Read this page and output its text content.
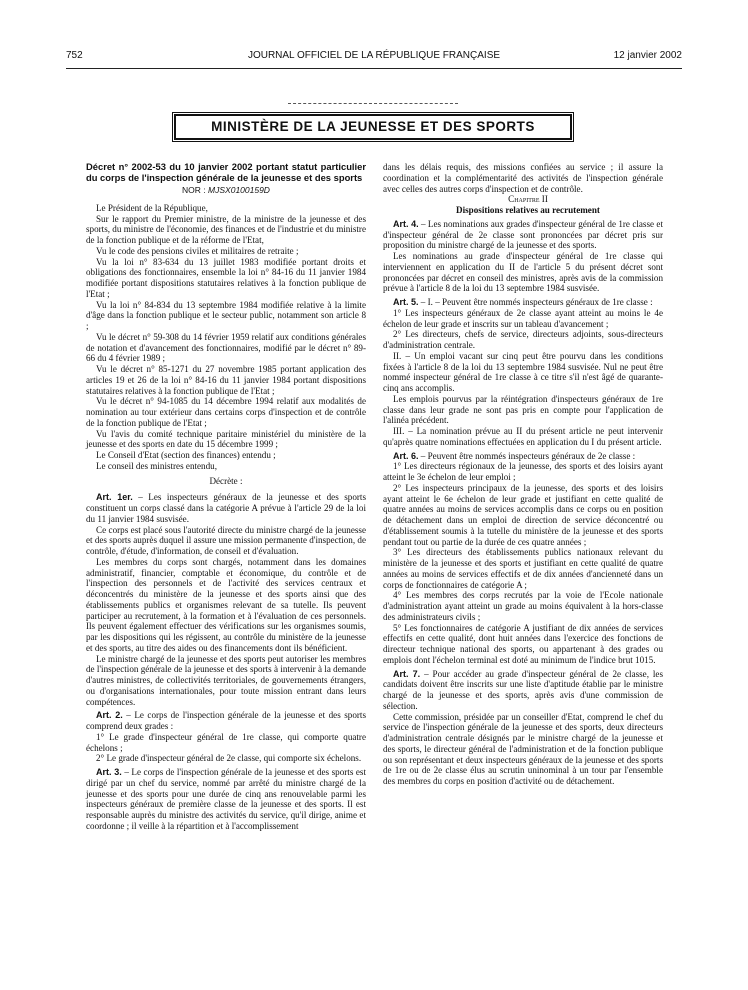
752	JOURNAL OFFICIEL DE LA RÉPUBLIQUE FRANÇAISE	12 janvier 2002
MINISTÈRE DE LA JEUNESSE ET DES SPORTS

Décret n° 2002-53 du 10 janvier 2002 portant statut particulier du corps de l'inspection générale de la jeunesse et des sports

NOR : MJSX0100159D

Le Président de la République,

Sur le rapport du Premier ministre, de la ministre de la jeunesse et des sports, du ministre de l'économie, des finances et de l'industrie et du ministre de la fonction publique et de la réforme de l'Etat,

Vu le code des pensions civiles et militaires de retraite ;

Vu la loi n° 83-634 du 13 juillet 1983 modifiée portant droits et obligations des fonctionnaires, ensemble la loi n° 84-16 du 11 janvier 1984 modifiée portant dispositions statutaires relatives à la fonction publique de l'Etat ;

Vu la loi n° 84-834 du 13 septembre 1984 modifiée relative à la limite d'âge dans la fonction publique et le secteur public, notamment son article 8 ;

Vu le décret n° 59-308 du 14 février 1959 relatif aux conditions générales de notation et d'avancement des fonctionnaires, modifié par le décret n° 89-66 du 4 février 1989 ;

Vu le décret n° 85-1271 du 27 novembre 1985 portant application des articles 19 et 26 de la loi n° 84-16 du 11 janvier 1984 portant dispositions statutaires relatives à la fonction publique de l'Etat ;

Vu le décret n° 94-1085 du 14 décembre 1994 relatif aux modalités de nomination au tour extérieur dans certains corps d'inspection et de contrôle de la fonction publique de l'Etat ;

Vu l'avis du comité technique paritaire ministériel du ministère de la jeunesse et des sports en date du 15 décembre 1999 ;

Le Conseil d'Etat (section des finances) entendu ;

Le conseil des ministres entendu,

Décrète :

Art. 1er. – Les inspecteurs généraux de la jeunesse et des sports constituent un corps classé dans la catégorie A prévue à l'article 29 de la loi du 11 janvier 1984 susvisée.

Ce corps est placé sous l'autorité directe du ministre chargé de la jeunesse et des sports auprès duquel il assure une mission permanente d'inspection, de contrôle, d'étude, d'information, de conseil et d'évaluation.

Les membres du corps sont chargés, notamment dans les domaines administratif, financier, comptable et économique, du contrôle et de l'inspection des personnels et de l'activité des services centraux et déconcentrés du ministère de la jeunesse et des sports ainsi que des établissements publics et organismes relevant de sa tutelle. Ils peuvent participer au recrutement, à la formation et à l'évaluation de ces personnels. Ils peuvent également effectuer des vérifications sur les organismes soumis, par les dispositions qui les régissent, au contrôle du ministère de la jeunesse et des sports, au titre des aides ou des financements dont ils bénéficient.

Le ministre chargé de la jeunesse et des sports peut autoriser les membres de l'inspection générale de la jeunesse et des sports à intervenir à la demande d'autres ministres, de collectivités territoriales, de gouvernements étrangers, ou d'organisations internationales, pour toute mission entrant dans leurs compétences.

Art. 2. – Le corps de l'inspection générale de la jeunesse et des sports comprend deux grades :

1° Le grade d'inspecteur général de 1re classe, qui comporte quatre échelons ;

2° Le grade d'inspecteur général de 2e classe, qui comporte six échelons.

Art. 3. – Le corps de l'inspection générale de la jeunesse et des sports est dirigé par un chef du service, nommé par arrêté du ministre chargé de la jeunesse et des sports pour une durée de cinq ans renouvelable parmi les inspecteurs généraux de première classe de la jeunesse et des sports. Il est responsable auprès du ministre des activités du service, qu'il dirige, anime et coordonne ; il veille à la répartition et à l'accomplissement

dans les délais requis, des missions confiées au service ; il assure la coordination et la complémentarité des activités de l'inspection générale avec celles des autres corps d'inspection et de contrôle.

Chapitre II

Dispositions relatives au recrutement

Art. 4. – Les nominations aux grades d'inspecteur général de 1re classe et d'inspecteur général de 2e classe sont prononcées par décret pris sur proposition du ministre chargé de la jeunesse et des sports.

Les nominations au grade d'inspecteur général de 1re classe qui interviennent en application du II de l'article 5 du présent décret sont prononcées par décret en conseil des ministres, après avis de la commission prévue à l'article 8 de la loi du 13 septembre 1984 susvisée.

Art. 5. – I. – Peuvent être nommés inspecteurs généraux de 1re classe :

1° Les inspecteurs généraux de 2e classe ayant atteint au moins le 4e échelon de leur grade et inscrits sur un tableau d'avancement ;

2° Les directeurs, chefs de service, directeurs adjoints, sous-directeurs d'administration centrale.

II. – Un emploi vacant sur cinq peut être pourvu dans les conditions fixées à l'article 8 de la loi du 13 septembre 1984 susvisée. Nul ne peut être nommé inspecteur général de 1re classe à ce titre s'il n'est âgé de quarante-cinq ans accomplis.

Les emplois pourvus par la réintégration d'inspecteurs généraux de 1re classe dans leur grade ne sont pas pris en compte pour l'application de l'alinéa précédent.

III. – La nomination prévue au II du présent article ne peut intervenir qu'après quatre nominations effectuées en application du I du présent article.

Art. 6. – Peuvent être nommés inspecteurs généraux de 2e classe :

1° Les directeurs régionaux de la jeunesse, des sports et des loisirs ayant atteint le 3e échelon de leur emploi ;

2° Les inspecteurs principaux de la jeunesse, des sports et des loisirs ayant atteint le 6e échelon de leur grade et justifiant en cette qualité de quatre années au moins de services accomplis dans ce corps ou en position de détachement dans un emploi de direction de service déconcentré ou d'établissement soumis à la tutelle du ministère de la jeunesse et des sports pendant tout ou partie de la durée de ces quatre années ;

3° Les directeurs des établissements publics nationaux relevant du ministère de la jeunesse et des sports et justifiant en cette qualité de quatre années au moins de services effectifs et de dix années d'ancienneté dans un corps de fonctionnaires de catégorie A ;

4° Les membres des corps recrutés par la voie de l'Ecole nationale d'administration ayant atteint un grade au moins équivalent à la hors-classe des administrateurs civils ;

5° Les fonctionnaires de catégorie A justifiant de dix années de services effectifs en cette qualité, dont huit années dans l'exercice des fonctions de directeur technique national des sports, ou appartenant à des grades ou emplois dont l'échelon terminal est doté au minimum de l'indice brut 1015.

Art. 7. – Pour accéder au grade d'inspecteur général de 2e classe, les candidats doivent être inscrits sur une liste d'aptitude établie par le ministre chargé de la jeunesse et des sports, après avis d'une commission de sélection.

Cette commission, présidée par un conseiller d'Etat, comprend le chef du service de l'inspection générale de la jeunesse et des sports, deux directeurs d'administration centrale désignés par le ministre chargé de la jeunesse et des sports, le directeur général de l'administration et de la fonction publique ou son représentant et deux inspecteurs généraux de la jeunesse et des sports de 1re ou de 2e classe élus au scrutin uninominal à un tour par l'ensemble des membres du corps en position d'activité ou de détachement.
